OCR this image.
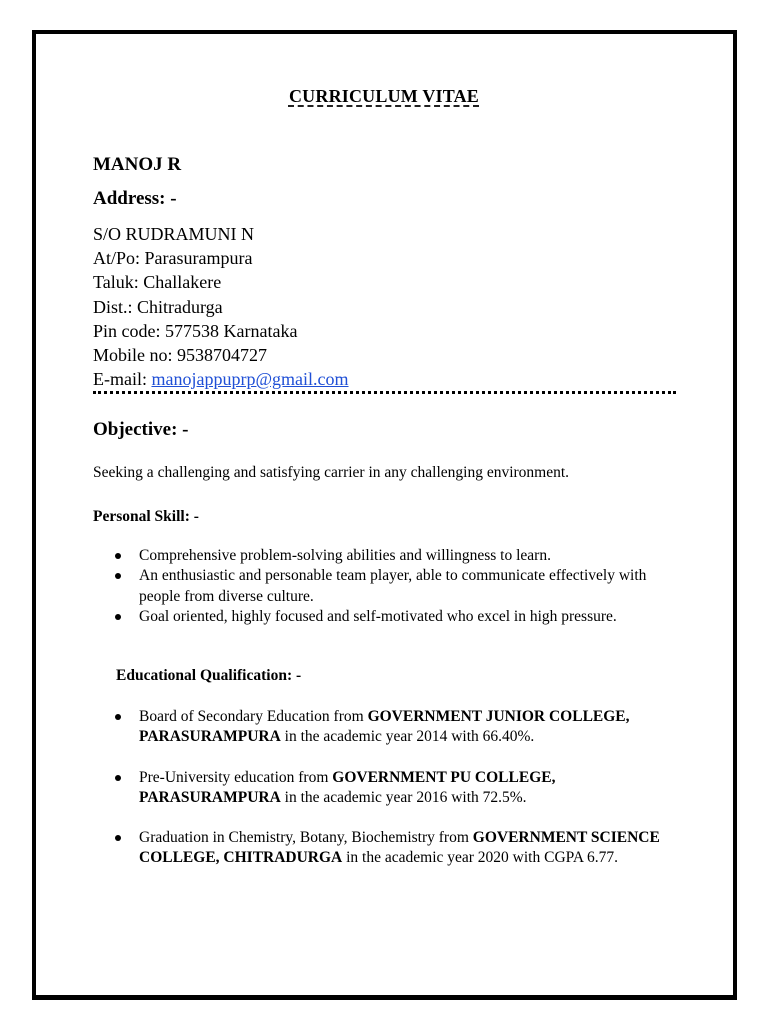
CURRICULUM VITAE
MANOJ R
Address: -
S/O RUDRAMUNI N
At/Po: Parasurampura
Taluk: Challakere
Dist.: Chitradurga
Pin code: 577538 Karnataka
Mobile no: 9538704727
E-mail: manojappuprp@gmail.com
Objective: -
Seeking a challenging and satisfying carrier in any challenging environment.
Personal Skill: -
Comprehensive problem-solving abilities and willingness to learn.
An enthusiastic and personable team player, able to communicate effectively with people from diverse culture.
Goal oriented, highly focused and self-motivated who excel in high pressure.
Educational Qualification: -
Board of Secondary Education from GOVERNMENT JUNIOR COLLEGE, PARASURAMPURA in the academic year 2014 with 66.40%.
Pre-University education from GOVERNMENT PU COLLEGE, PARASURAMPURA in the academic year 2016 with 72.5%.
Graduation in Chemistry, Botany, Biochemistry from GOVERNMENT SCIENCE COLLEGE, CHITRADURGA in the academic year 2020 with CGPA 6.77.
